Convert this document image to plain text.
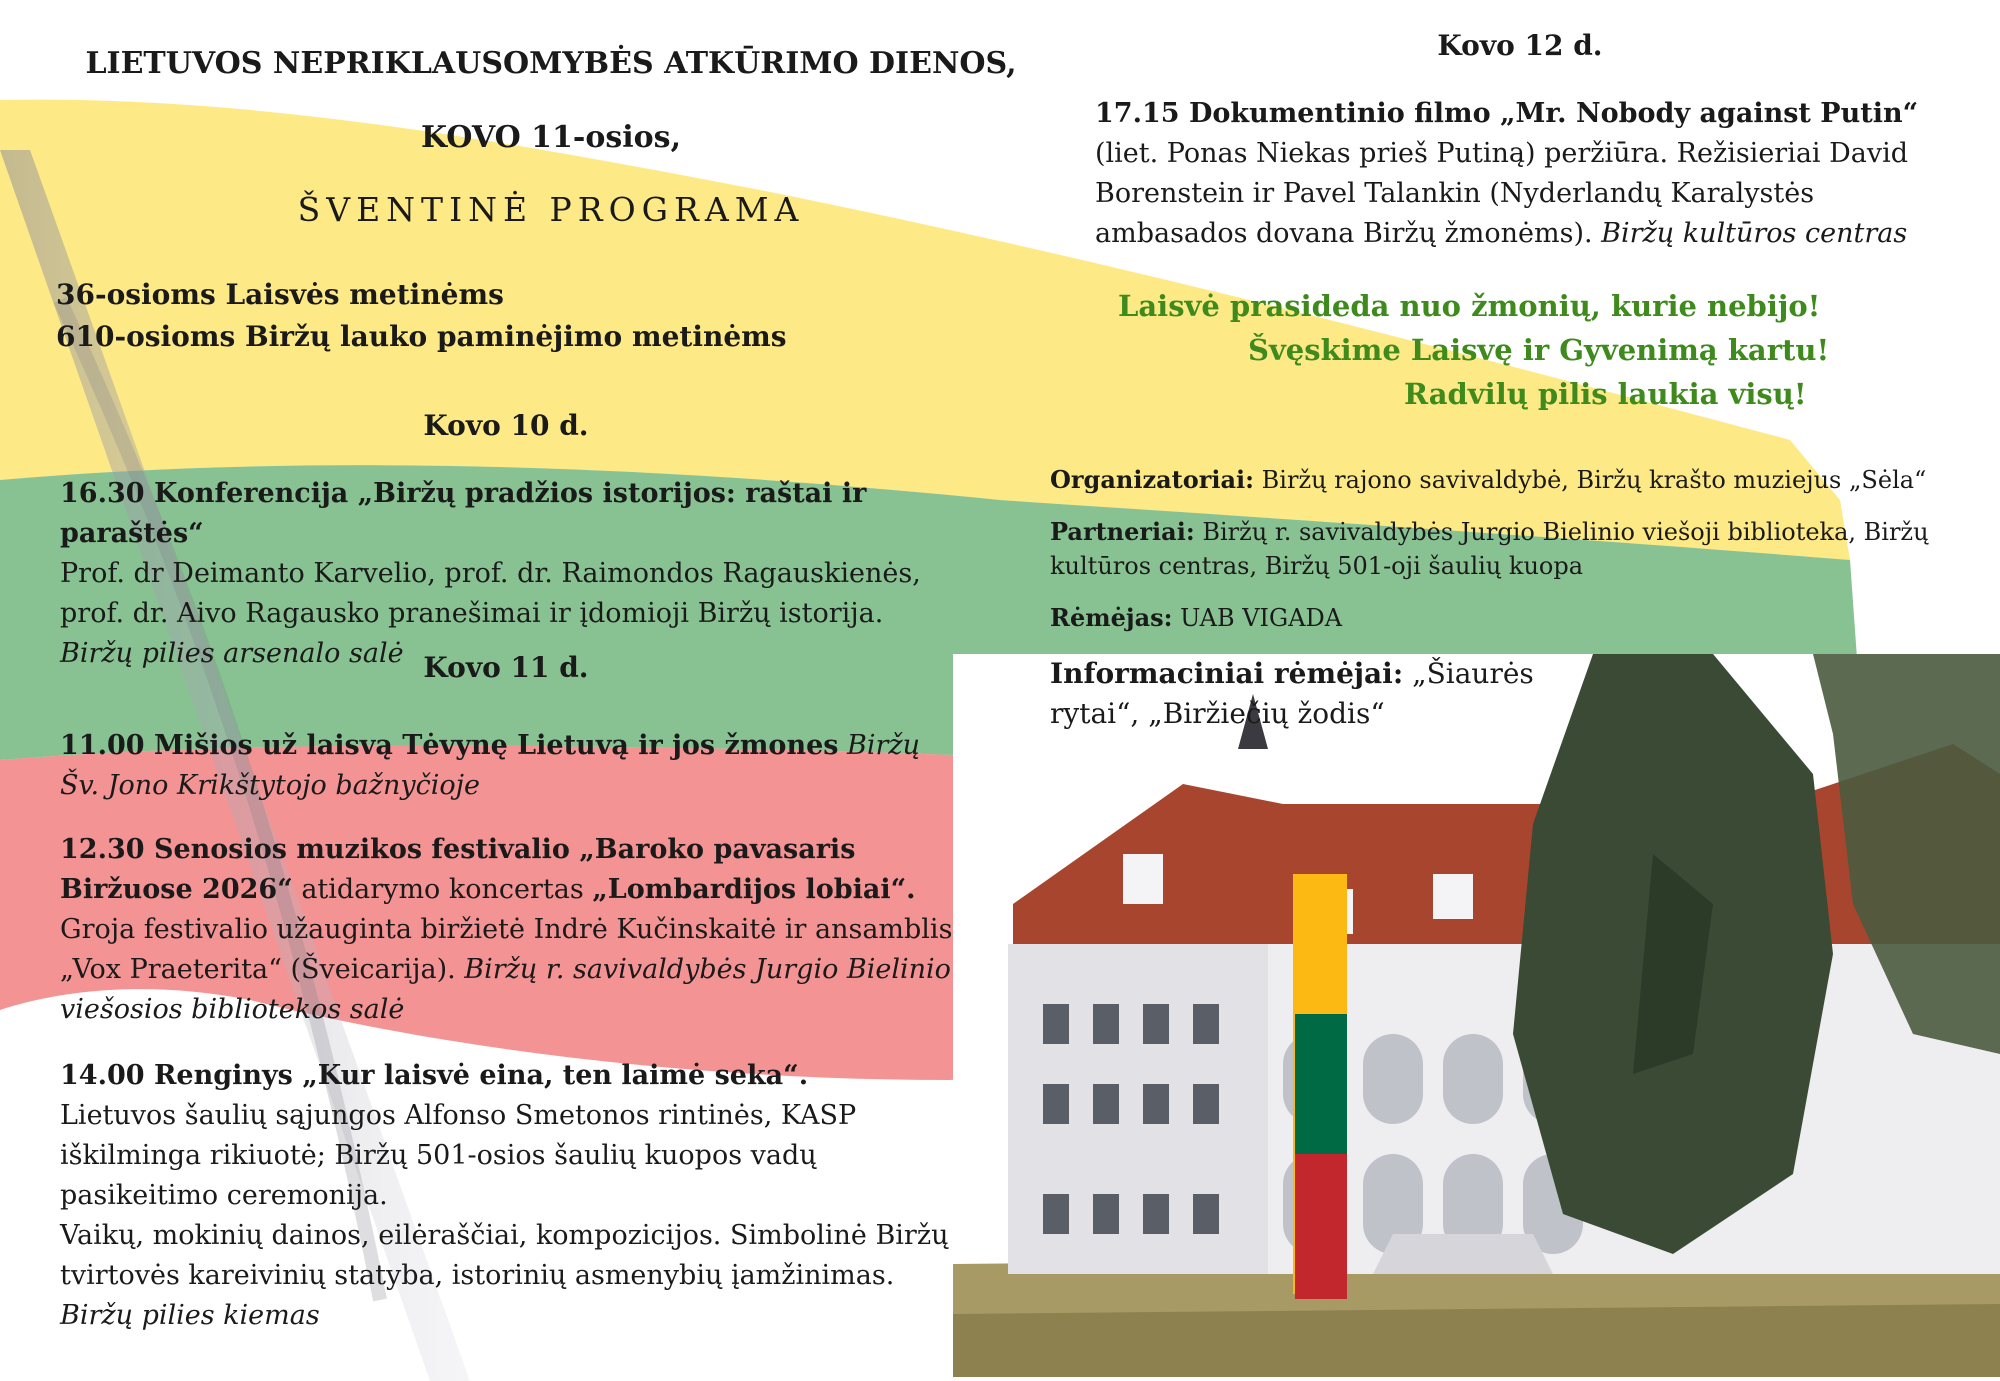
LIETUVOS NEPRIKLAUSOMYBĖS ATKŪRIMO DIENOS,
KOVO 11-osios,
ŠVENTINĖ PROGRAMA
36-osioms Laisvės metinėms
610-osioms Biržų lauko paminėjimo metinėms
Kovo 10 d.
16.30 Konferencija „Biržų pradžios istorijos: raštai ir paraštės“
Prof. dr Deimanto Karvelio, prof. dr. Raimondos Ragauskienės, prof. dr. Aivo Ragausko pranešimai ir įdomioji Biržų istorija.
Biržų pilies arsenalo salė Kovo 11 d.
11.00 Mišios už laisvą Tėvynę Lietuvą ir jos žmones Biržų Šv. Jono Krikštytojo bažnyčioje
12.30 Senosios muzikos festivalio „Baroko pavasaris Biržuose 2026“ atidarymo koncertas „Lombardijos lobiai“. Groja festivalio užauginta biržietė Indrė Kučinskaitė ir ansamblis „Vox Praeterita“ (Šveicarija). Biržų r. savivaldybės Jurgio Bielinio viešosios bibliotekos salė
14.00 Renginys „Kur laisvė eina, ten laimė seka“.
Lietuvos šaulių sąjungos Alfonso Smetonos rintinės, KASP iškilminga rikiuotė; Biržų 501-osios šaulių kuopos vadų pasikeitimo ceremonija.
Vaikų, mokinių dainos, eilėraščiai, kompozicijos. Simbolinė Biržų tvirtovės kareivinių statyba, istorinių asmenybių įamžinimas. Biržų pilies kiemas
Kovo 12 d.
17.15 Dokumentinio filmo „Mr. Nobody against Putin“ (liet. Ponas Niekas prieš Putiną) peržiūra. Režisieriai David Borenstein ir Pavel Talankin (Nyderlandų Karalystės ambasados dovana Biržų žmonėms). Biržų kultūros centras
Laisvė prasideda nuo žmonių, kurie nebijo!
Švęskime Laisvę ir Gyvenimą kartu!
Radvilų pilis laukia visų!
Organizatoriai: Biržų rajono savivaldybė, Biržų krašto muziejus „Sėla“
Partneriai: Biržų r. savivaldybės Jurgio Bielinio viešoji biblioteka, Biržų kultūros centras, Biržų 501-oji šaulių kuopa
Rėmėjas: UAB VIGADA
Informaciniai rėmėjai: „Šiaurės rytai“, „Biržiečių žodis“
